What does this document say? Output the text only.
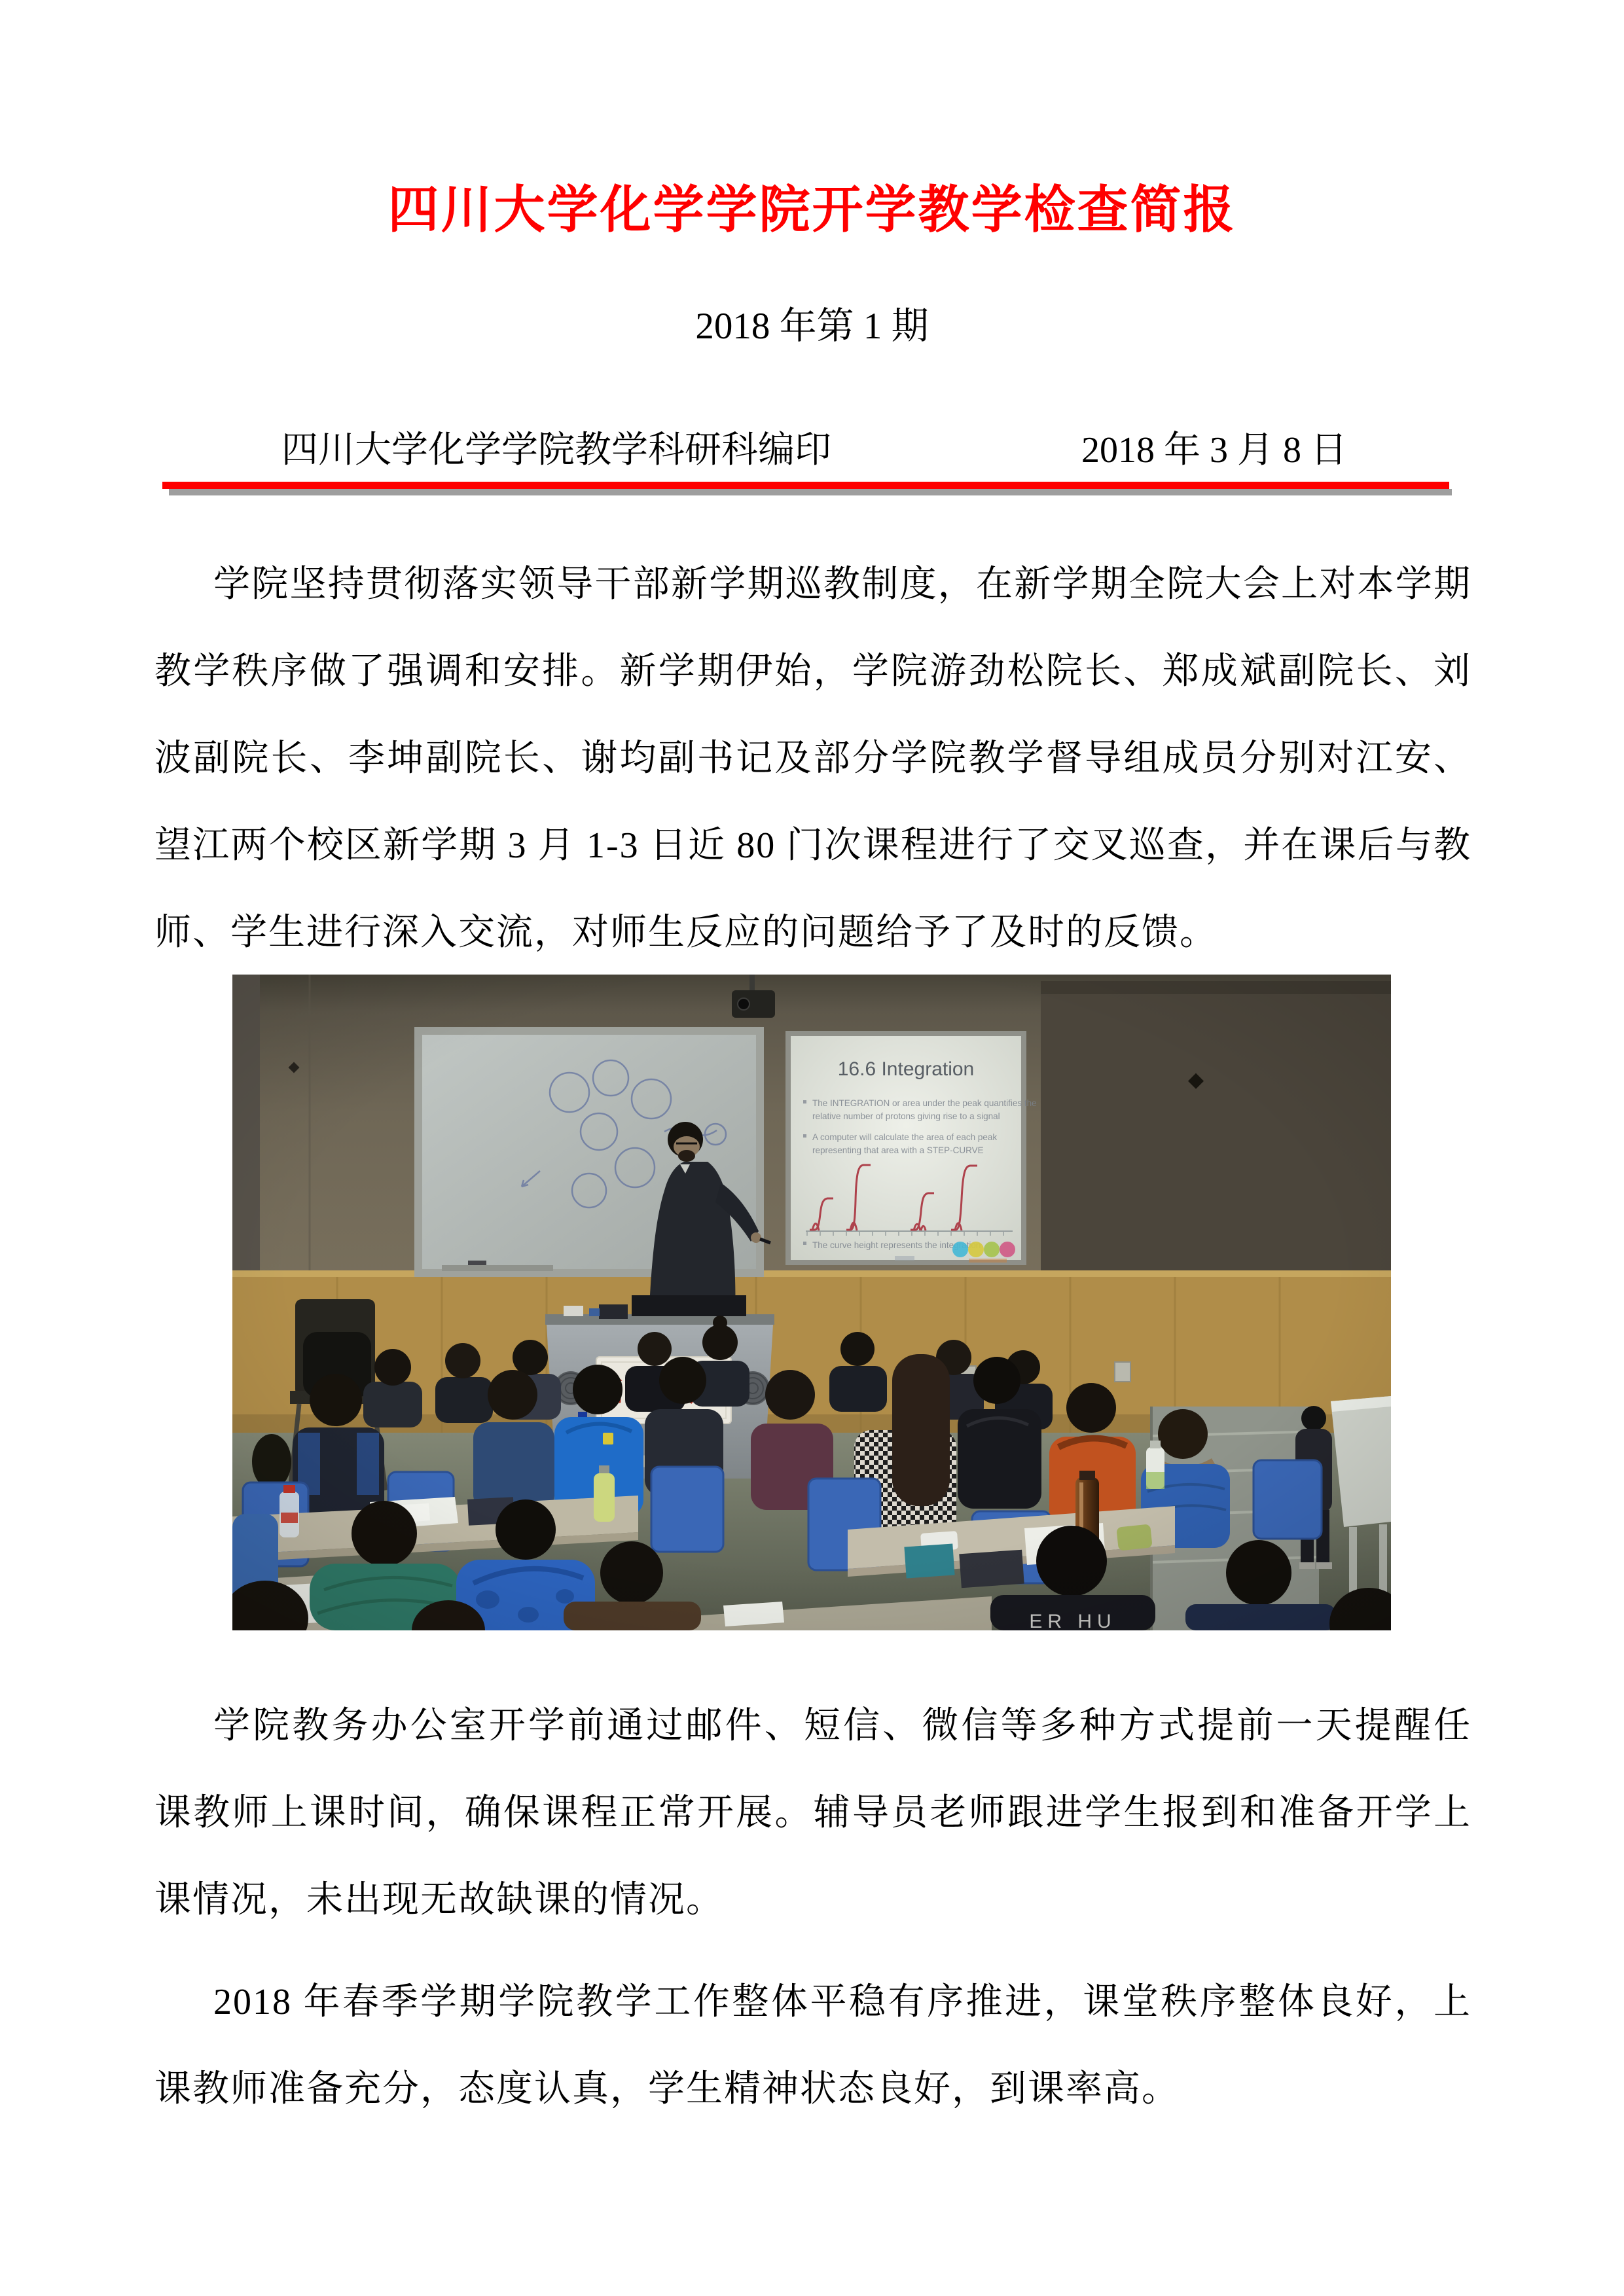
四川大学化学学院开学教学检查简报
2018 年第 1 期
四川大学化学学院教学科研科编印	2018 年 3 月 8 日
学院坚持贯彻落实领导干部新学期巡教制度，在新学期全院大会上对本学期
教学秩序做了强调和安排。新学期伊始，学院游劲松院长、郑成斌副院长、刘
波副院长、李坤副院长、谢均副书记及部分学院教学督导组成员分别对江安、
望江两个校区新学期 3 月 1-3 日近 80 门次课程进行了交叉巡查，并在课后与教
师、学生进行深入交流，对师生反应的问题给予了及时的反馈。
学院教务办公室开学前通过邮件、短信、微信等多种方式提前一天提醒任
课教师上课时间，确保课程正常开展。辅导员老师跟进学生报到和准备开学上
课情况，未出现无故缺课的情况。
2018 年春季学期学院教学工作整体平稳有序推进，课堂秩序整体良好，上
课教师准备充分，态度认真，学生精神状态良好，到课率高。
